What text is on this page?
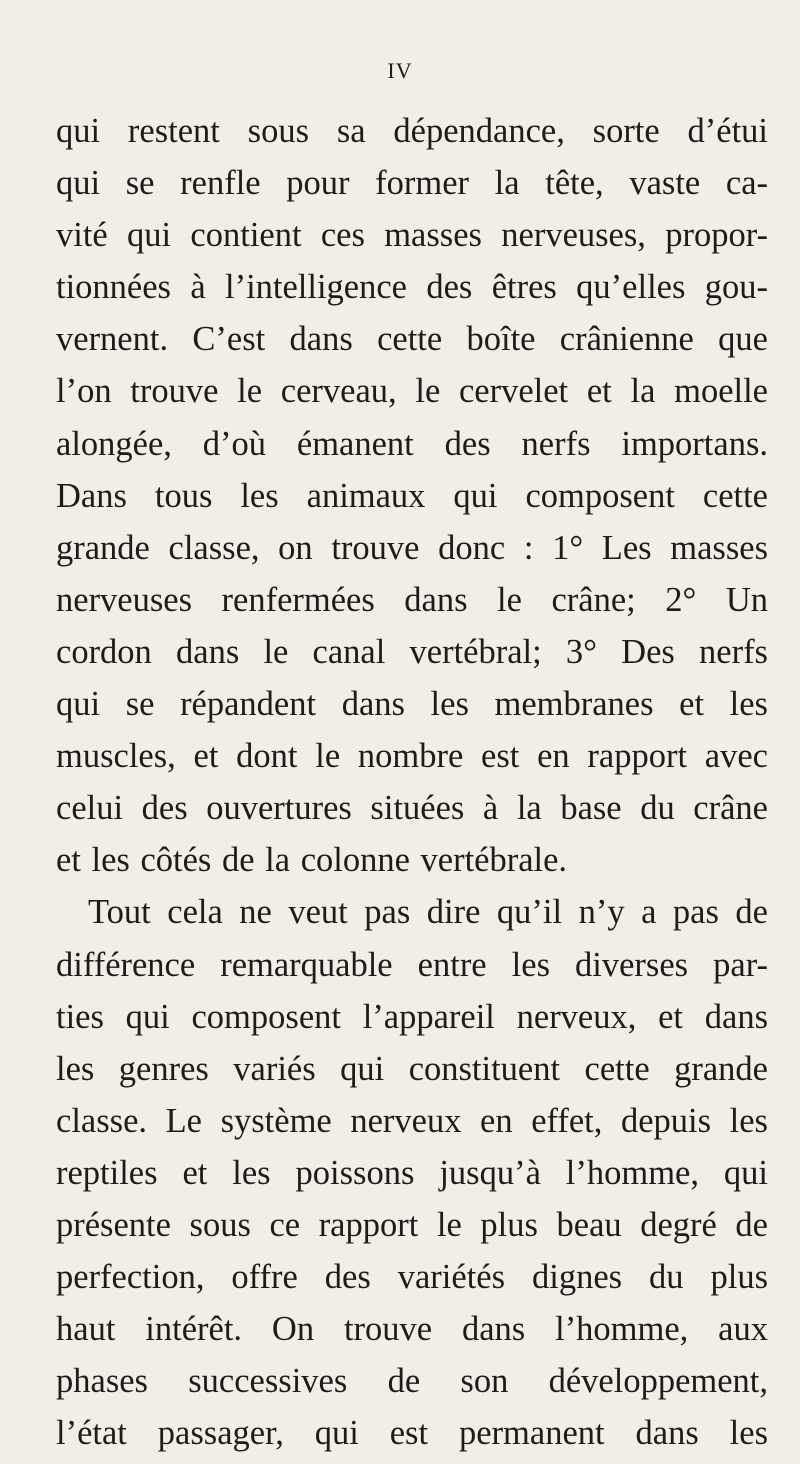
IV
qui restent sous sa dépendance, sorte d’étui
qui se renfle pour former la tête, vaste ca-
vité qui contient ces masses nerveuses, propor-
tionnées à l’intelligence des êtres qu’elles gou-
vernent. C’est dans cette boîte crânienne que
l’on trouve le cerveau, le cervelet et la moelle
alongée, d’où émanent des nerfs importans.
Dans tous les animaux qui composent cette
grande classe, on trouve donc : 1° Les masses
nerveuses renfermées dans le crâne; 2° Un
cordon dans le canal vertébral; 3° Des nerfs
qui se répandent dans les membranes et les
muscles, et dont le nombre est en rapport avec
celui des ouvertures situées à la base du crâne
et les côtés de la colonne vertébrale.
Tout cela ne veut pas dire qu’il n’y a pas de
différence remarquable entre les diverses par-
ties qui composent l’appareil nerveux, et dans
les genres variés qui constituent cette grande
classe. Le système nerveux en effet, depuis les
reptiles et les poissons jusqu’à l’homme, qui
présente sous ce rapport le plus beau degré de
perfection, offre des variétés dignes du plus
haut intérêt. On trouve dans l’homme, aux
phases successives de son développement,
l’état passager, qui est permanent dans les
